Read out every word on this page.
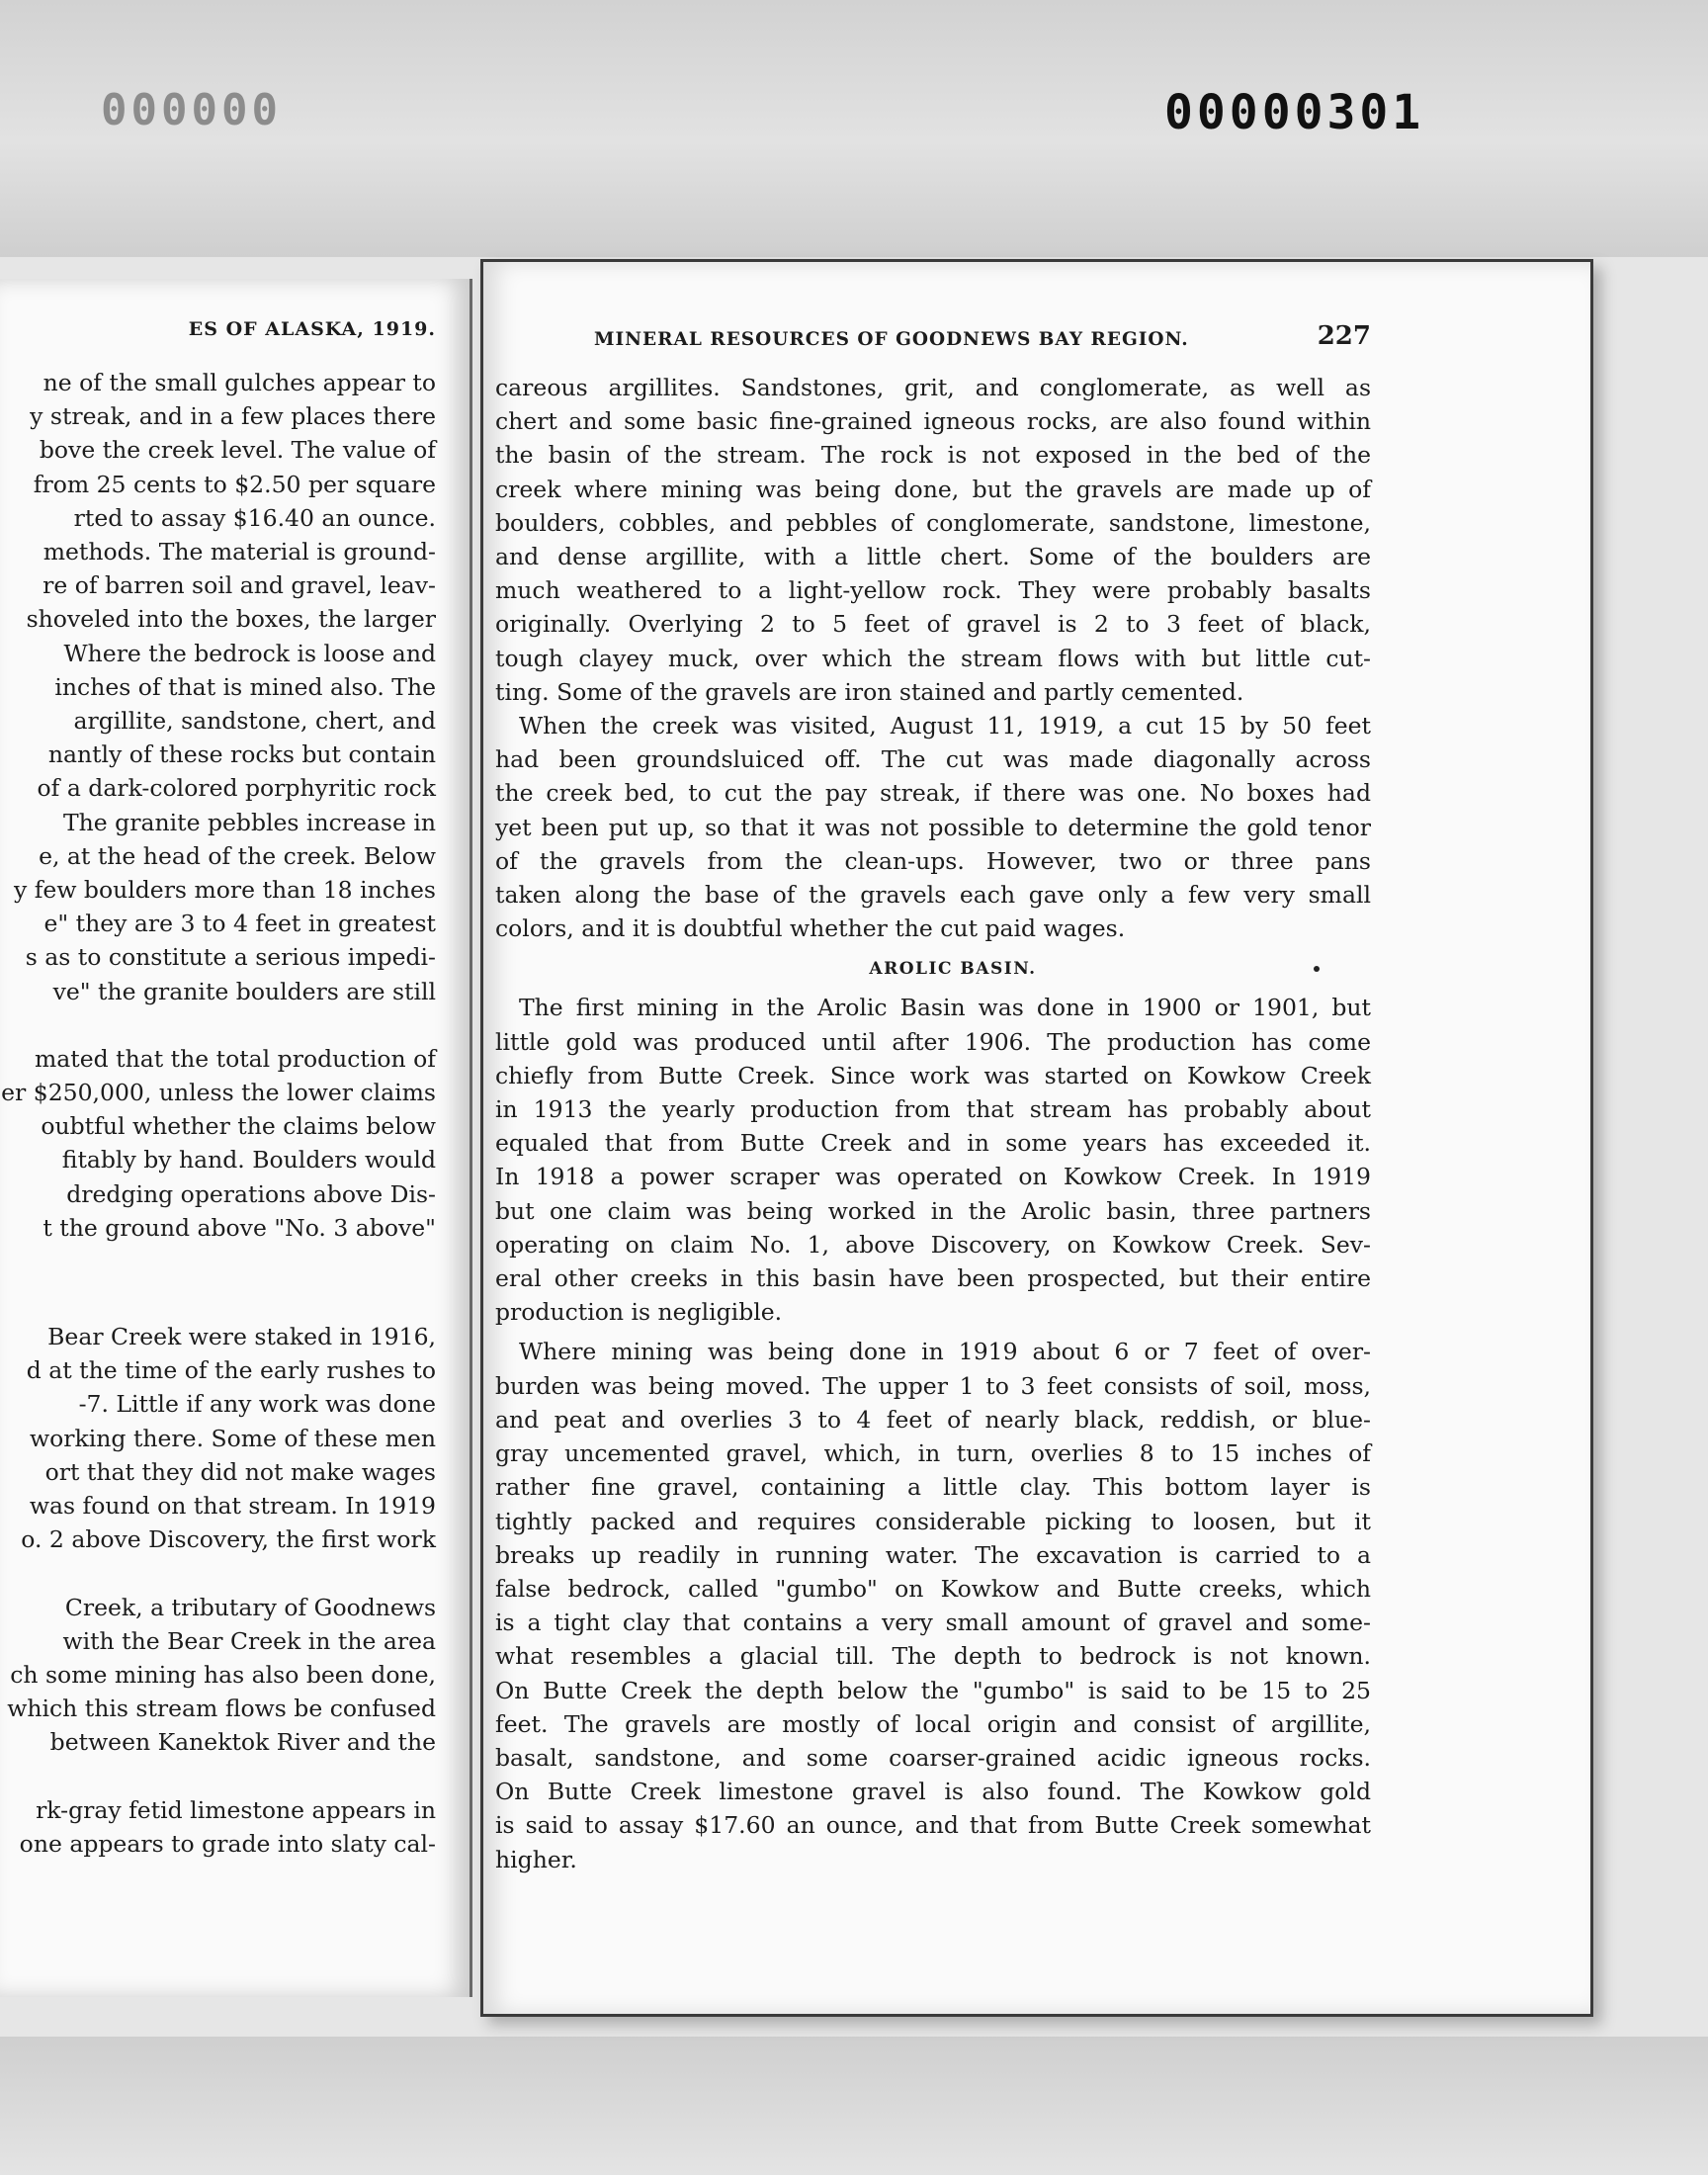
000000	00000301
ES OF ALASKA, 1919.
ne of the small gulches appear to
y streak, and in a few places there
bove the creek level. The value of
from 25 cents to $2.50 per square
rted to assay $16.40 an ounce.
methods. The material is ground-
re of barren soil and gravel, leav-
shoveled into the boxes, the larger
Where the bedrock is loose and
inches of that is mined also. The
argillite, sandstone, chert, and
nantly of these rocks but contain
of a dark-colored porphyritic rock
The granite pebbles increase in
e, at the head of the creek. Below
y few boulders more than 18 inches
e" they are 3 to 4 feet in greatest
s as to constitute a serious impedi-
ve" the granite boulders are still
mated that the total production of
er $250,000, unless the lower claims
oubtful whether the claims below
fitably by hand. Boulders would
dredging operations above Dis-
t the ground above "No. 3 above"
Bear Creek were staked in 1916,
d at the time of the early rushes to
-7. Little if any work was done
working there. Some of these men
ort that they did not make wages
was found on that stream. In 1919
o. 2 above Discovery, the first work
Creek, a tributary of Goodnews
with the Bear Creek in the area
ch some mining has also been done,
which this stream flows be confused
between Kanektok River and the
rk-gray fetid limestone appears in
one appears to grade into slaty cal-
MINERAL RESOURCES OF GOODNEWS BAY REGION.	227
careous argillites. Sandstones, grit, and conglomerate, as well as
chert and some basic fine-grained igneous rocks, are also found within
the basin of the stream. The rock is not exposed in the bed of the
creek where mining was being done, but the gravels are made up of
boulders, cobbles, and pebbles of conglomerate, sandstone, limestone,
and dense argillite, with a little chert. Some of the boulders are
much weathered to a light-yellow rock. They were probably basalts
originally. Overlying 2 to 5 feet of gravel is 2 to 3 feet of black,
tough clayey muck, over which the stream flows with but little cut-
ting. Some of the gravels are iron stained and partly cemented.
When the creek was visited, August 11, 1919, a cut 15 by 50 feet
had been groundsluiced off. The cut was made diagonally across
the creek bed, to cut the pay streak, if there was one. No boxes had
yet been put up, so that it was not possible to determine the gold tenor
of the gravels from the clean-ups. However, two or three pans
taken along the base of the gravels each gave only a few very small
colors, and it is doubtful whether the cut paid wages.
AROLIC BASIN.
The first mining in the Arolic Basin was done in 1900 or 1901, but
little gold was produced until after 1906. The production has come
chiefly from Butte Creek. Since work was started on Kowkow Creek
in 1913 the yearly production from that stream has probably about
equaled that from Butte Creek and in some years has exceeded it.
In 1918 a power scraper was operated on Kowkow Creek. In 1919
but one claim was being worked in the Arolic basin, three partners
operating on claim No. 1, above Discovery, on Kowkow Creek. Sev-
eral other creeks in this basin have been prospected, but their entire
production is negligible.
Where mining was being done in 1919 about 6 or 7 feet of over-
burden was being moved. The upper 1 to 3 feet consists of soil, moss,
and peat and overlies 3 to 4 feet of nearly black, reddish, or blue-
gray uncemented gravel, which, in turn, overlies 8 to 15 inches of
rather fine gravel, containing a little clay. This bottom layer is
tightly packed and requires considerable picking to loosen, but it
breaks up readily in running water. The excavation is carried to a
false bedrock, called "gumbo" on Kowkow and Butte creeks, which
is a tight clay that contains a very small amount of gravel and some-
what resembles a glacial till. The depth to bedrock is not known.
On Butte Creek the depth below the "gumbo" is said to be 15 to 25
feet. The gravels are mostly of local origin and consist of argillite,
basalt, sandstone, and some coarser-grained acidic igneous rocks.
On Butte Creek limestone gravel is also found. The Kowkow gold
is said to assay $17.60 an ounce, and that from Butte Creek somewhat
higher.
